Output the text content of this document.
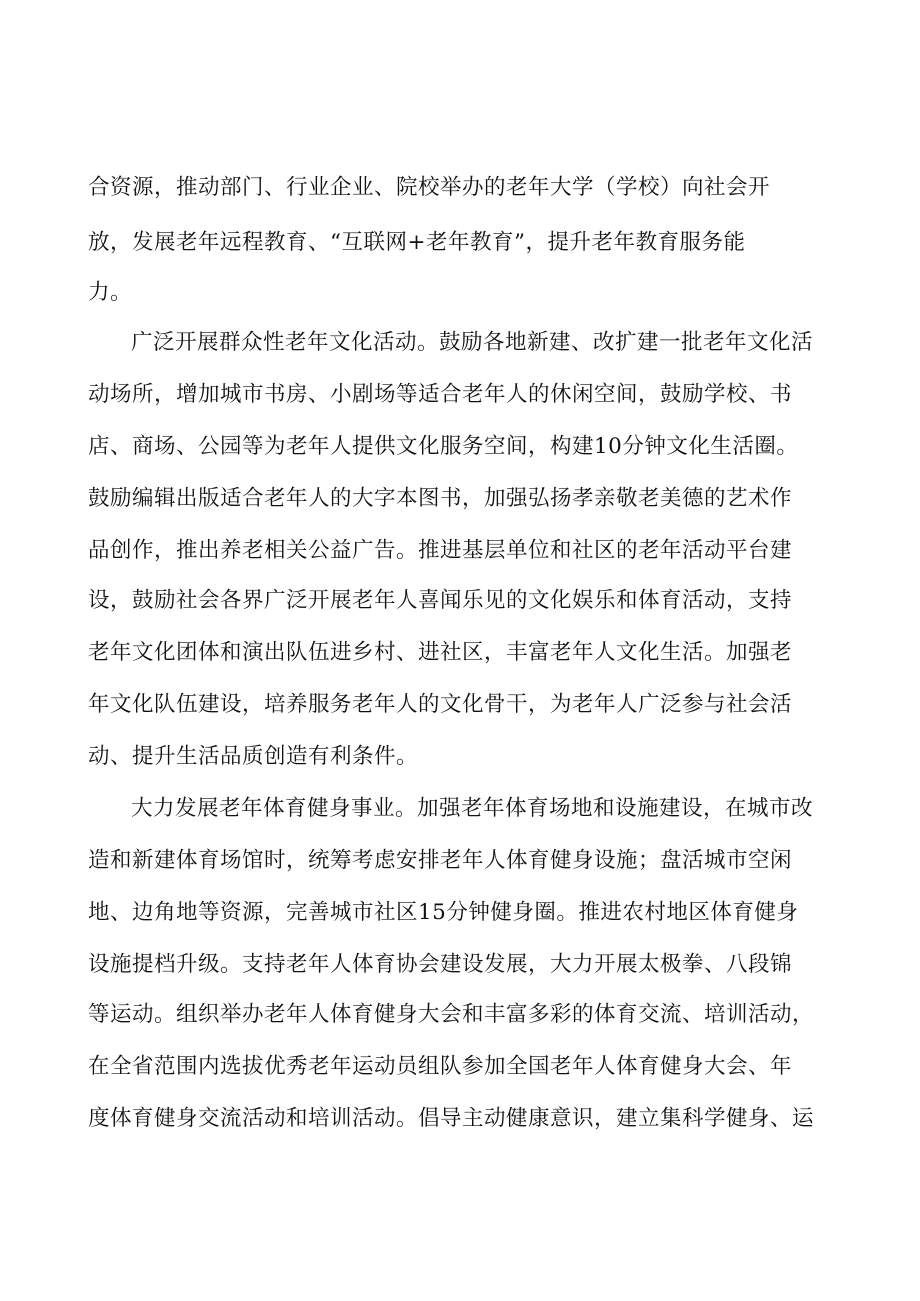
合资源，推动部门、行业企业、院校举办的老年大学（学校）向社会开
放，发展老年远程教育、“互联网+老年教育”，提升老年教育服务能
力。
广泛开展群众性老年文化活动。鼓励各地新建、改扩建一批老年文化活
动场所，增加城市书房、小剧场等适合老年人的休闲空间，鼓励学校、书
店、商场、公园等为老年人提供文化服务空间，构建10分钟文化生活圈。
鼓励编辑出版适合老年人的大字本图书，加强弘扬孝亲敬老美德的艺术作
品创作，推出养老相关公益广告。推进基层单位和社区的老年活动平台建
设，鼓励社会各界广泛开展老年人喜闻乐见的文化娱乐和体育活动，支持
老年文化团体和演出队伍进乡村、进社区，丰富老年人文化生活。加强老
年文化队伍建设，培养服务老年人的文化骨干，为老年人广泛参与社会活
动、提升生活品质创造有利条件。
大力发展老年体育健身事业。加强老年体育场地和设施建设，在城市改
造和新建体育场馆时，统筹考虑安排老年人体育健身设施；盘活城市空闲
地、边角地等资源，完善城市社区15分钟健身圈。推进农村地区体育健身
设施提档升级。支持老年人体育协会建设发展，大力开展太极拳、八段锦
等运动。组织举办老年人体育健身大会和丰富多彩的体育交流、培训活动，
在全省范围内选拔优秀老年运动员组队参加全国老年人体育健身大会、年
度体育健身交流活动和培训活动。倡导主动健康意识，建立集科学健身、运
